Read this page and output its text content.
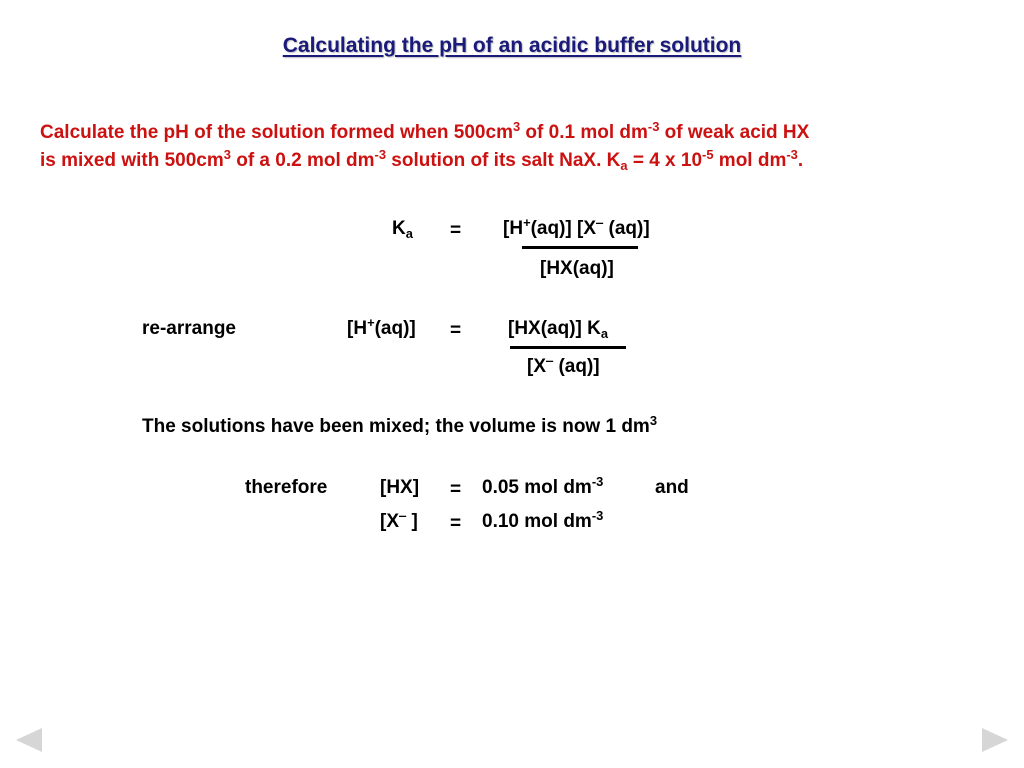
Calculating the pH of an acidic buffer solution
Calculate the pH of the solution formed when $500cm^3$ of 0.1 mol $dm^{-3}$ of weak acid HX
is mixed with $500cm^3$ of a 0.2 mol $dm^{-3}$ solution of its salt NaX. $K_a = 4$ x $10^{-5}$ mol $dm^{-3}$.
$K_a = [H^+(aq)]$ [X‒ (aq)]
[HX(aq)]
re-arrange	[H+(aq)] = [HX(aq)] $K_a$
[X‒ (aq)]
The solutions have been mixed; the volume is now 1 $dm^3$
therefore	[HX] = 0.05 mol $dm^{-3}$	and
[X‒ ] = 0.10 mol $dm^{-3}$
